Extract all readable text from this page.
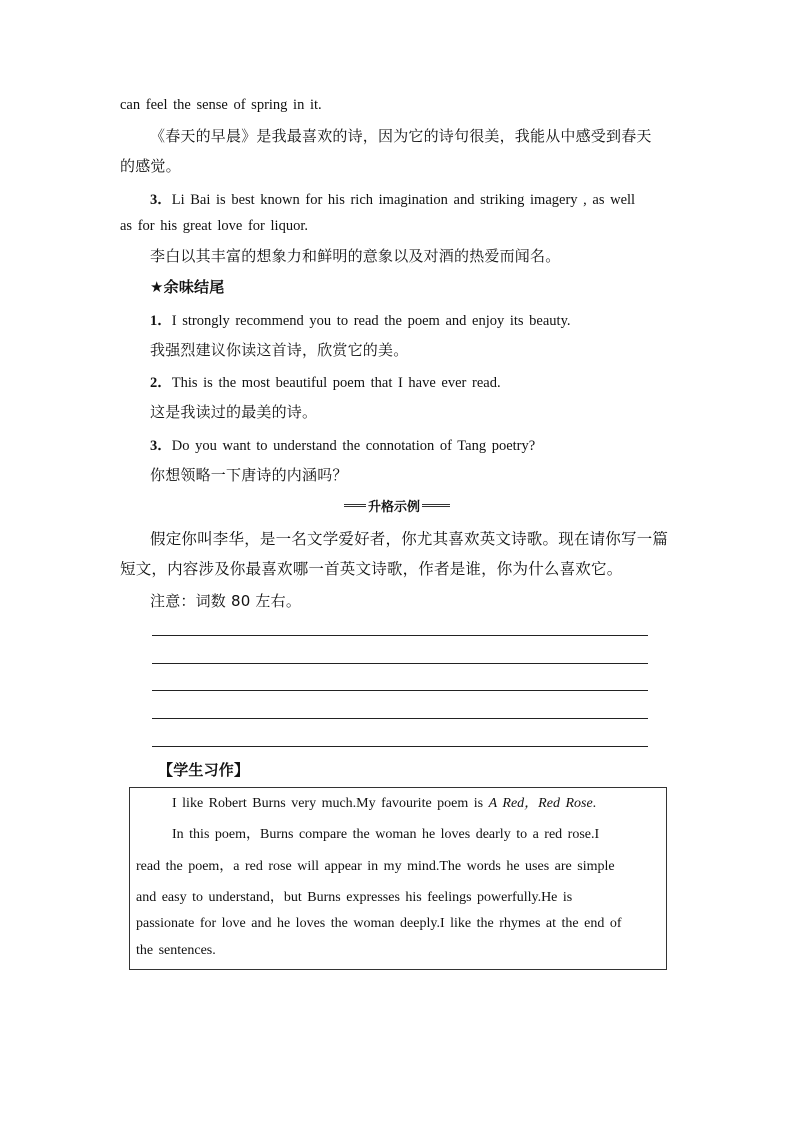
can feel the sense of spring in it.
《春天的早晨》是我最喜欢的诗，因为它的诗句很美，我能从中感受到春天
的感觉。
3．Li Bai is best known for his rich imagination and striking imagery , as well
as for his great love for liquor.
李白以其丰富的想象力和鲜明的意象以及对酒的热爱而闻名。
★余味结尾
1．I strongly recommend you to read the poem and enjoy its beauty.
我强烈建议你读这首诗，欣赏它的美。
2．This is the most beautiful poem that I have ever read.
这是我读过的最美的诗。
3．Do you want to understand the connotation of Tang poetry?
你想领略一下唐诗的内涵吗？
升格示例
假定你叫李华，是一名文学爱好者，你尤其喜欢英文诗歌。现在请你写一篇
短文，内容涉及你最喜欢哪一首英文诗歌，作者是谁，你为什么喜欢它。
注意：词数 80 左右。
【学生习作】
I like Robert Burns very much.My favourite poem is A Red，Red Rose.
In this poem，Burns compare the woman he loves dearly to a red rose.I
read the poem，a red rose will appear in my mind.The words he uses are simple
and easy to understand，but Burns expresses his feelings powerfully.He is
passionate for love and he loves the woman deeply.I like the rhymes at the end of
the sentences.
